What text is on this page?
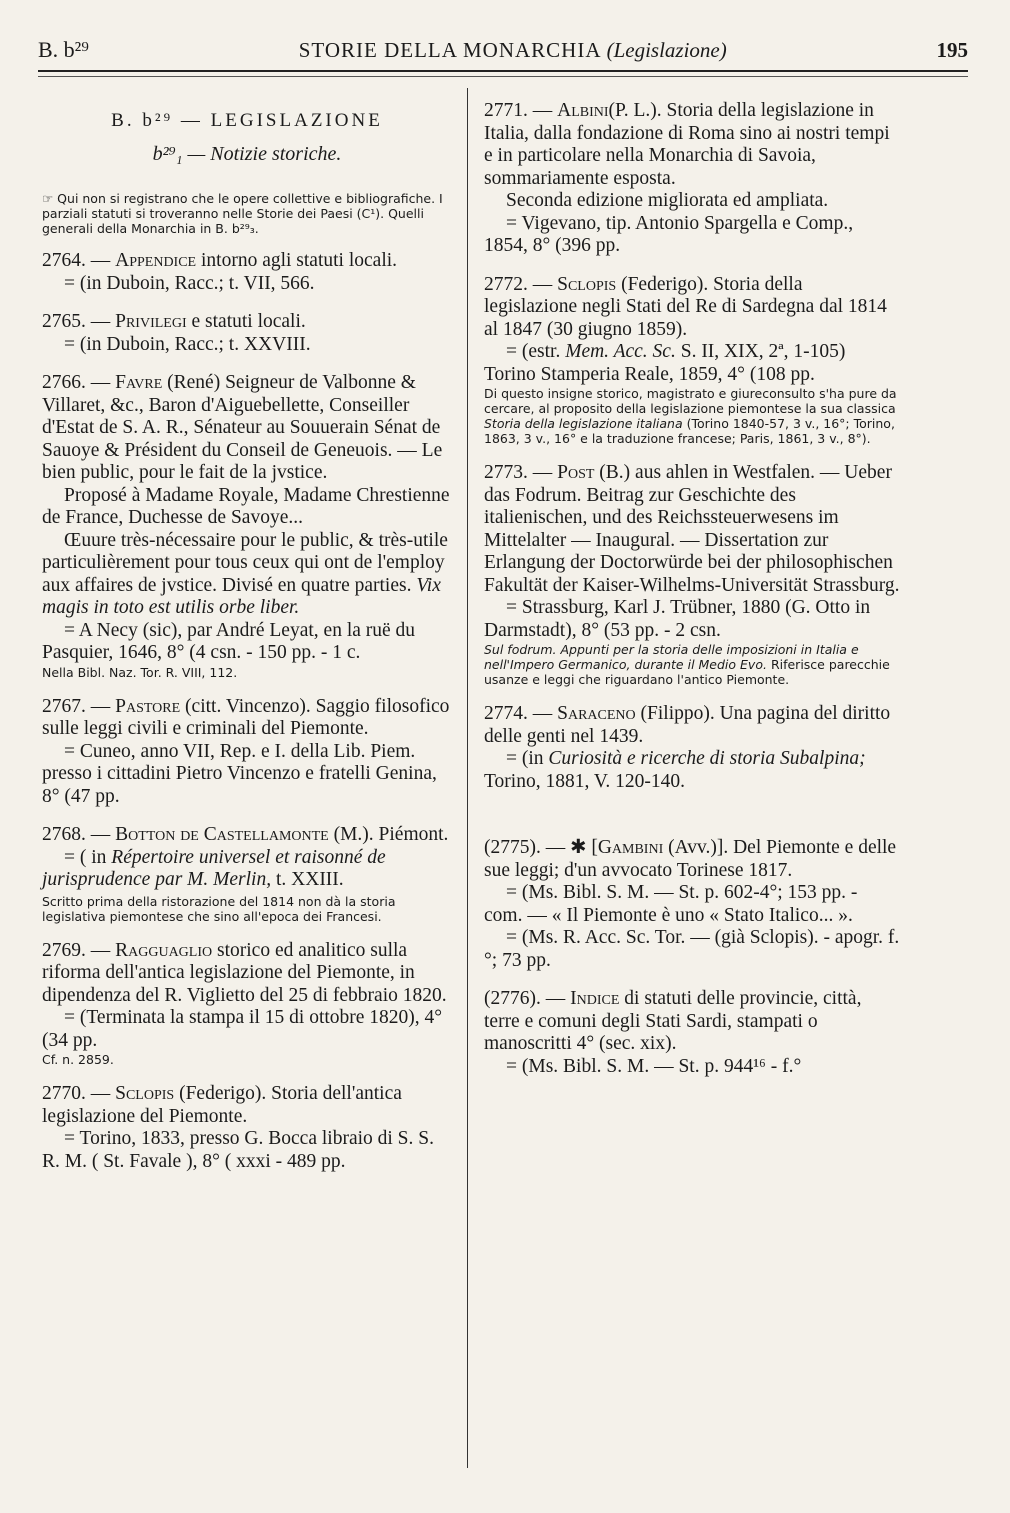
B. b²⁹	STORIE DELLA MONARCHIA (Legislazione)	195
B. b²⁹ — LEGISLAZIONE
b²⁹₁ — Notizie storiche.
☞ Qui non si registrano che le opere collettive e bibliografiche. I parziali statuti si troveranno nelle Storie dei Paesi (C¹). Quelli generali della Monarchia in B. b²⁹₃.

2764. — Appendice intorno agli statuti locali.

= (in Duboin, Racc.; t. VII, 566.

2765. — Privilegi e statuti locali.

= (in Duboin, Racc.; t. XXVIII.

2766. — Favre (René) Seigneur de Valbonne & Villaret, &c., Baron d'Aiguebellette, Conseiller d'Estat de S. A. R., Sénateur au Souuerain Sénat de Sauoye & Président du Conseil de Geneuois. — Le bien public, pour le fait de la jvstice.

Proposé à Madame Royale, Madame Chrestienne de France, Duchesse de Savoye...

Œuure très-nécessaire pour le public, & très-utile particulièrement pour tous ceux qui ont de l'employ aux affaires de jvstice. Divisé en quatre parties. Vix magis in toto est utilis orbe liber.

= A Necy (sic), par André Leyat, en la ruë du Pasquier, 1646, 8° (4 csn. - 150 pp. - 1 c.

Nella Bibl. Naz. Tor. R. VIII, 112.

2767. — Pastore (citt. Vincenzo). Saggio filosofico sulle leggi civili e criminali del Piemonte.

= Cuneo, anno VII, Rep. e I. della Lib. Piem. presso i cittadini Pietro Vincenzo e fratelli Genina, 8° (47 pp.

2768. — Botton de Castellamonte (M.). Piémont.

= ( in Répertoire universel et raisonné de jurisprudence par M. Merlin, t. XXIII.

Scritto prima della ristorazione del 1814 non dà la storia legislativa piemontese che sino all'epoca dei Francesi.

2769. — Ragguaglio storico ed analitico sulla riforma dell'antica legislazione del Piemonte, in dipendenza del R. Viglietto del 25 di febbraio 1820.

= (Terminata la stampa il 15 di ottobre 1820), 4° (34 pp.

Cf. n. 2859.

2770. — Sclopis (Federigo). Storia dell'antica legislazione del Piemonte.

= Torino, 1833, presso G. Bocca libraio di S. S. R. M. ( St. Favale ), 8° ( xxxi - 489 pp.

2771. — Albini(P. L.). Storia della legislazione in Italia, dalla fondazione di Roma sino ai nostri tempi e in particolare nella Monarchia di Savoia, sommariamente esposta.

Seconda edizione migliorata ed ampliata.

= Vigevano, tip. Antonio Spargella e Comp., 1854, 8° (396 pp.

2772. — Sclopis (Federigo). Storia della legislazione negli Stati del Re di Sardegna dal 1814 al 1847 (30 giugno 1859).

= (estr. Mem. Acc. Sc. S. II, XIX, 2ª, 1-105) Torino Stamperia Reale, 1859, 4° (108 pp.

Di questo insigne storico, magistrato e giureconsulto s'ha pure da cercare, al proposito della legislazione piemontese la sua classica Storia della legislazione italiana (Torino 1840-57, 3 v., 16°; Torino, 1863, 3 v., 16° e la traduzione francese; Paris, 1861, 3 v., 8°).

2773. — Post (B.) aus ahlen in Westfalen. — Ueber das Fodrum. Beitrag zur Geschichte des italienischen, und des Reichssteuerwesens im Mittelalter — Inaugural. — Dissertation zur Erlangung der Doctorwürde bei der philosophischen Fakultät der Kaiser-Wilhelms-Universität Strassburg.

= Strassburg, Karl J. Trübner, 1880 (G. Otto in Darmstadt), 8° (53 pp. - 2 csn.

Sul fodrum. Appunti per la storia delle imposizioni in Italia e nell'Impero Germanico, durante il Medio Evo. Riferisce parecchie usanze e leggi che riguardano l'antico Piemonte.

2774. — Saraceno (Filippo). Una pagina del diritto delle genti nel 1439.

= (in Curiosità e ricerche di storia Subalpina; Torino, 1881, V. 120-140.

(2775). — ✱ [Gambini (Avv.)]. Del Piemonte e delle sue leggi; d'un avvocato Torinese 1817.

= (Ms. Bibl. S. M. — St. p. 602-4°; 153 pp. - com. — « Il Piemonte è uno « Stato Italico... ».

= (Ms. R. Acc. Sc. Tor. — (già Sclopis). - apogr. f.°; 73 pp.

(2776). — Indice di statuti delle provincie, città, terre e comuni degli Stati Sardi, stampati o manoscritti 4° (sec. xix).

= (Ms. Bibl. S. M. — St. p. 944¹⁶ - f.°
